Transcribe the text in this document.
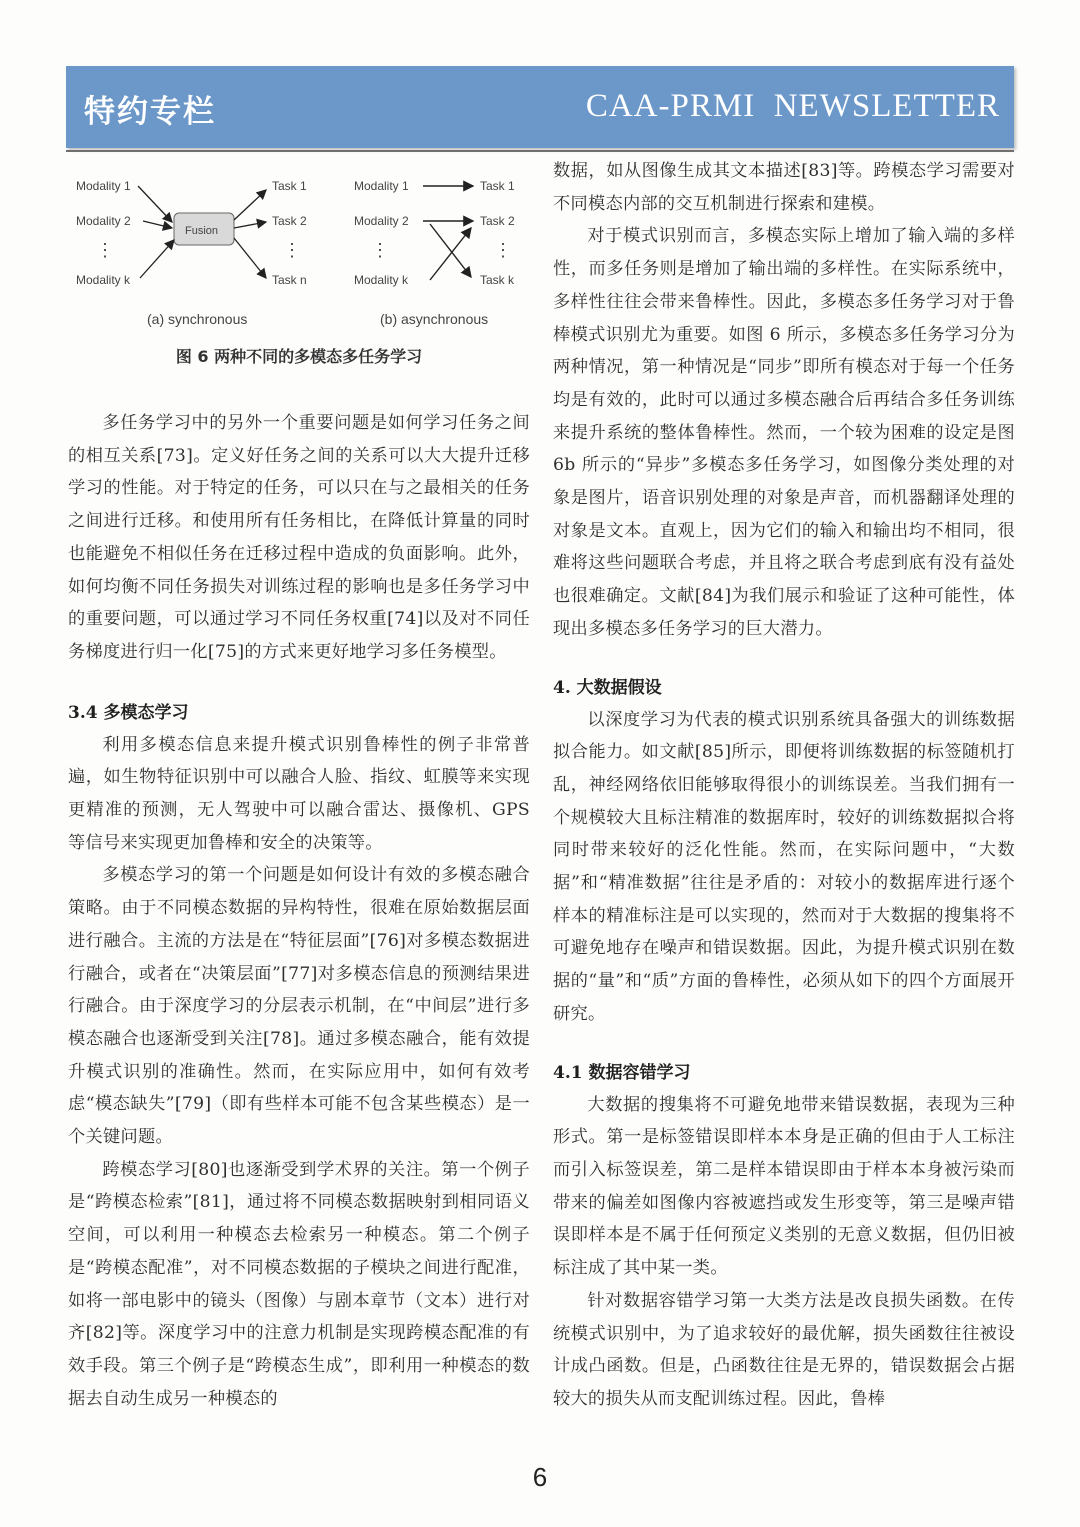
特约专栏	CAA-PRMI  NEWSLETTER
Modality 1
Modality 2
⋮
Modality k
Fusion
Task 1
Task 2
⋮
Task n
(a) synchronous
Modality 1
Modality 2
⋮
Modality k
Task 1
Task 2
⋮
Task k
(b) asynchronous
图 6 两种不同的多模态多任务学习

多任务学习中的另外一个重要问题是如何学习任务之间的相互关系[73]。定义好任务之间的关系可以大大提升迁移学习的性能。对于特定的任务，可以只在与之最相关的任务之间进行迁移。和使用所有任务相比，在降低计算量的同时也能避免不相似任务在迁移过程中造成的负面影响。此外，如何均衡不同任务损失对训练过程的影响也是多任务学习中的重要问题，可以通过学习不同任务权重[74]以及对不同任务梯度进行归一化[75]的方式来更好地学习多任务模型。

3.4 多模态学习

利用多模态信息来提升模式识别鲁棒性的例子非常普遍，如生物特征识别中可以融合人脸、指纹、虹膜等来实现更精准的预测，无人驾驶中可以融合雷达、摄像机、GPS 等信号来实现更加鲁棒和安全的决策等。

多模态学习的第一个问题是如何设计有效的多模态融合策略。由于不同模态数据的异构特性，很难在原始数据层面进行融合。主流的方法是在“特征层面”[76]对多模态数据进行融合，或者在“决策层面”[77]对多模态信息的预测结果进行融合。由于深度学习的分层表示机制，在“中间层”进行多模态融合也逐渐受到关注[78]。通过多模态融合，能有效提升模式识别的准确性。然而，在实际应用中，如何有效考虑“模态缺失”[79]（即有些样本可能不包含某些模态）是一个关键问题。

跨模态学习[80]也逐渐受到学术界的关注。第一个例子是“跨模态检索”[81]，通过将不同模态数据映射到相同语义空间，可以利用一种模态去检索另一种模态。第二个例子是“跨模态配准”，对不同模态数据的子模块之间进行配准，如将一部电影中的镜头（图像）与剧本章节（文本）进行对齐[82]等。深度学习中的注意力机制是实现跨模态配准的有效手段。第三个例子是“跨模态生成”，即利用一种模态的数据去自动生成另一种模态的

数据，如从图像生成其文本描述[83]等。跨模态学习需要对不同模态内部的交互机制进行探索和建模。

对于模式识别而言，多模态实际上增加了输入端的多样性，而多任务则是增加了输出端的多样性。在实际系统中，多样性往往会带来鲁棒性。因此，多模态多任务学习对于鲁棒模式识别尤为重要。如图 6 所示，多模态多任务学习分为两种情况，第一种情况是“同步”即所有模态对于每一个任务均是有效的，此时可以通过多模态融合后再结合多任务训练来提升系统的整体鲁棒性。然而，一个较为困难的设定是图 6b 所示的“异步”多模态多任务学习，如图像分类处理的对象是图片，语音识别处理的对象是声音，而机器翻译处理的对象是文本。直观上，因为它们的输入和输出均不相同，很难将这些问题联合考虑，并且将之联合考虑到底有没有益处也很难确定。文献[84]为我们展示和验证了这种可能性，体现出多模态多任务学习的巨大潜力。

4. 大数据假设

以深度学习为代表的模式识别系统具备强大的训练数据拟合能力。如文献[85]所示，即便将训练数据的标签随机打乱，神经网络依旧能够取得很小的训练误差。当我们拥有一个规模较大且标注精准的数据库时，较好的训练数据拟合将同时带来较好的泛化性能。然而，在实际问题中，“大数据”和“精准数据”往往是矛盾的：对较小的数据库进行逐个样本的精准标注是可以实现的，然而对于大数据的搜集将不可避免地存在噪声和错误数据。因此，为提升模式识别在数据的“量”和“质”方面的鲁棒性，必须从如下的四个方面展开研究。

4.1 数据容错学习

大数据的搜集将不可避免地带来错误数据，表现为三种形式。第一是标签错误即样本本身是正确的但由于人工标注而引入标签误差，第二是样本错误即由于样本本身被污染而带来的偏差如图像内容被遮挡或发生形变等，第三是噪声错误即样本是不属于任何预定义类别的无意义数据，但仍旧被标注成了其中某一类。

针对数据容错学习第一大类方法是改良损失函数。在传统模式识别中，为了追求较好的最优解，损失函数往往被设计成凸函数。但是，凸函数往往是无界的，错误数据会占据较大的损失从而支配训练过程。因此，鲁棒

6
